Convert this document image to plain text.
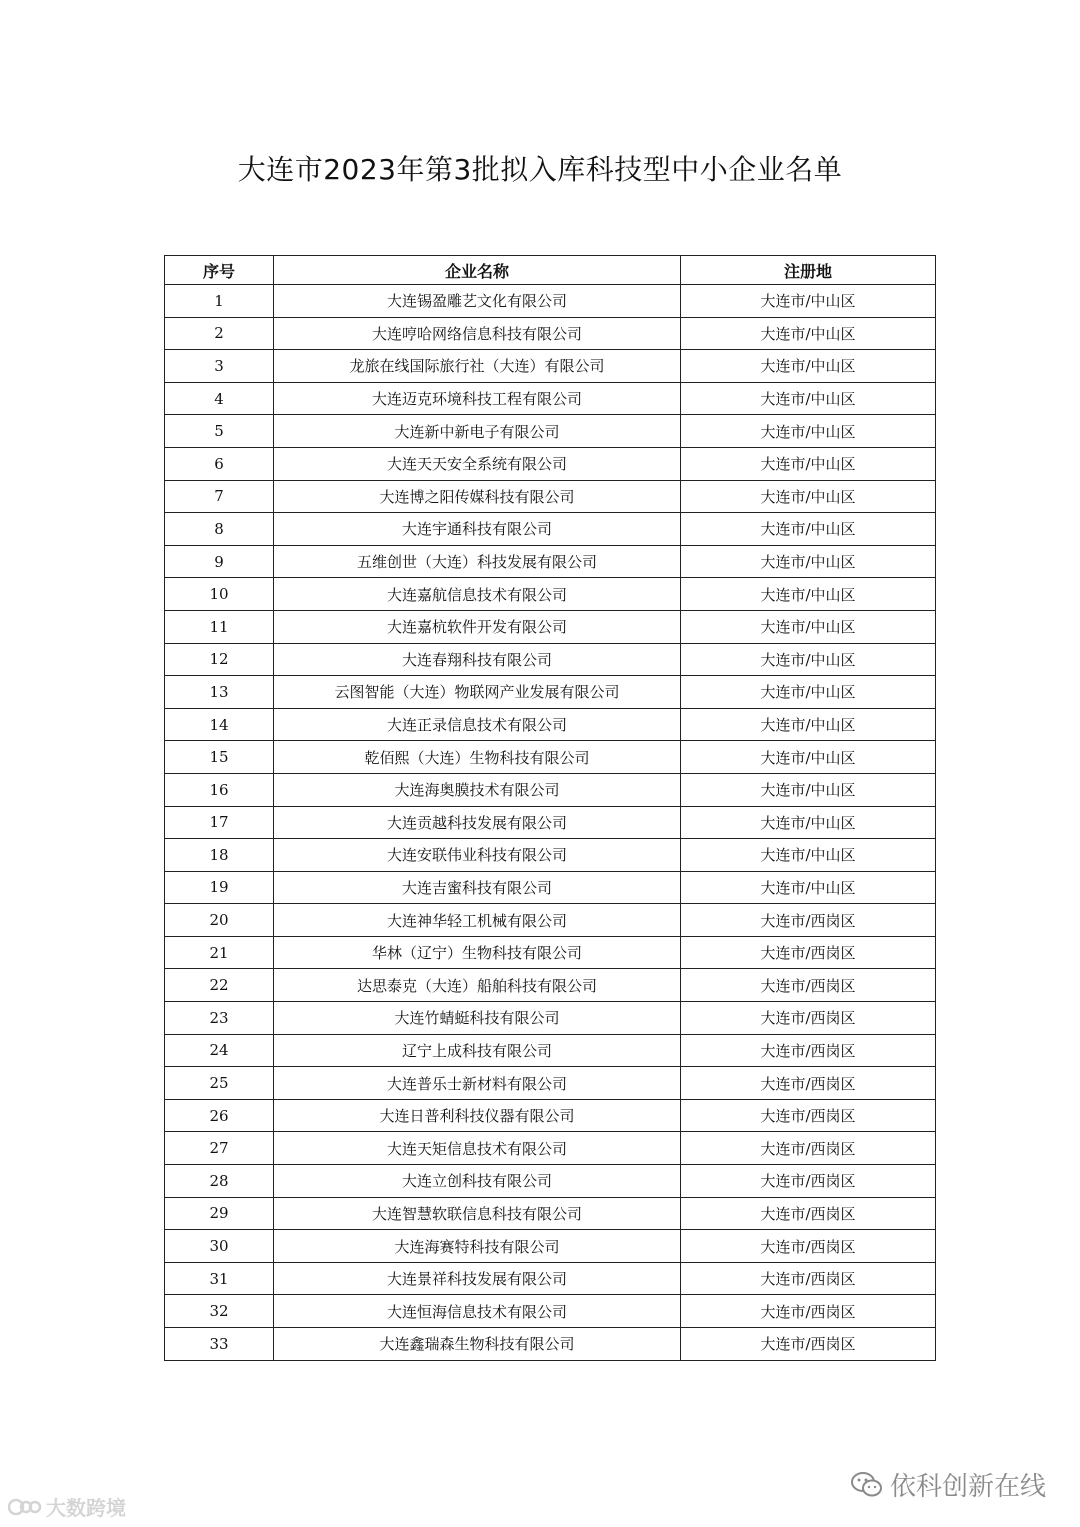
大连市2023年第3批拟入库科技型中小企业名单
序号	企业名称	注册地
1	大连锡盈雕艺文化有限公司	大连市/中山区
2	大连哼哈网络信息科技有限公司	大连市/中山区
3	龙旅在线国际旅行社（大连）有限公司	大连市/中山区
4	大连迈克环境科技工程有限公司	大连市/中山区
5	大连新中新电子有限公司	大连市/中山区
6	大连天天安全系统有限公司	大连市/中山区
7	大连博之阳传媒科技有限公司	大连市/中山区
8	大连宇通科技有限公司	大连市/中山区
9	五维创世（大连）科技发展有限公司	大连市/中山区
10	大连嘉航信息技术有限公司	大连市/中山区
11	大连嘉杭软件开发有限公司	大连市/中山区
12	大连春翔科技有限公司	大连市/中山区
13	云图智能（大连）物联网产业发展有限公司	大连市/中山区
14	大连正录信息技术有限公司	大连市/中山区
15	乾佰熙（大连）生物科技有限公司	大连市/中山区
16	大连海奥膜技术有限公司	大连市/中山区
17	大连贡越科技发展有限公司	大连市/中山区
18	大连安联伟业科技有限公司	大连市/中山区
19	大连吉蜜科技有限公司	大连市/中山区
20	大连神华轻工机械有限公司	大连市/西岗区
21	华林（辽宁）生物科技有限公司	大连市/西岗区
22	达思泰克（大连）船舶科技有限公司	大连市/西岗区
23	大连竹蜻蜓科技有限公司	大连市/西岗区
24	辽宁上成科技有限公司	大连市/西岗区
25	大连普乐士新材料有限公司	大连市/西岗区
26	大连日普利科技仪器有限公司	大连市/西岗区
27	大连天矩信息技术有限公司	大连市/西岗区
28	大连立创科技有限公司	大连市/西岗区
29	大连智慧软联信息科技有限公司	大连市/西岗区
30	大连海赛特科技有限公司	大连市/西岗区
31	大连景祥科技发展有限公司	大连市/西岗区
32	大连恒海信息技术有限公司	大连市/西岗区
33	大连鑫瑞森生物科技有限公司	大连市/西岗区
大数跨境
依科创新在线
